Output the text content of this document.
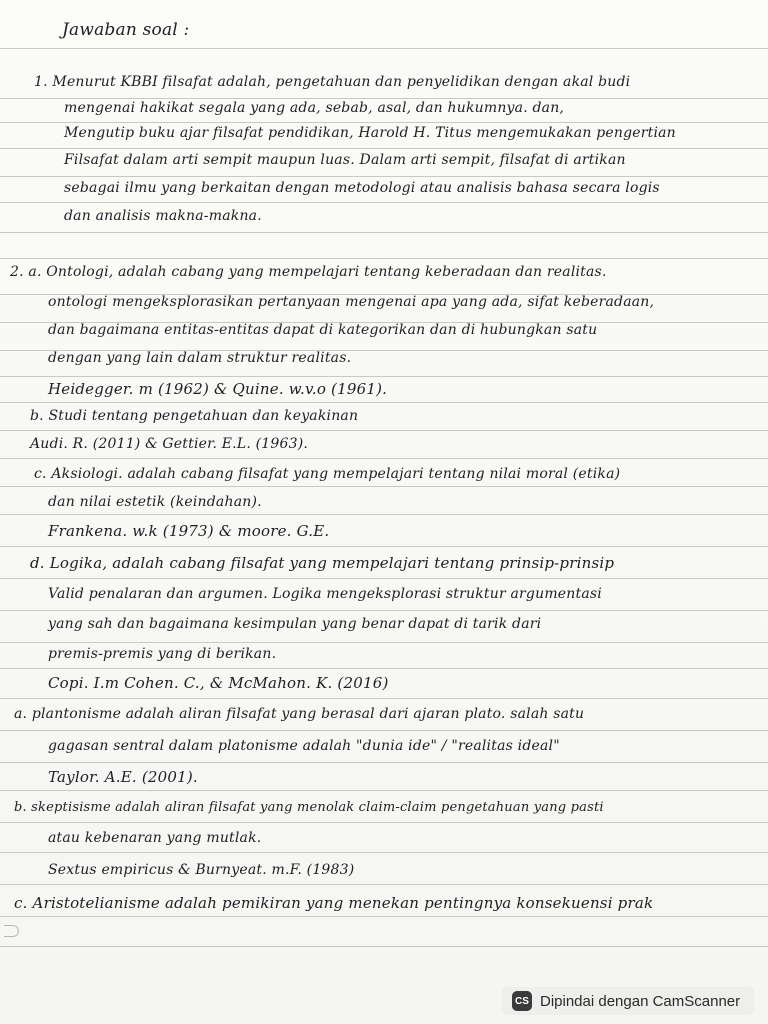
Jawaban soal :
1. Menurut KBBI filsafat adalah, pengetahuan dan penyelidikan dengan akal budi
mengenai hakikat segala yang ada, sebab, asal, dan hukumnya. dan,
Mengutip buku ajar filsafat pendidikan, Harold H. Titus mengemukakan pengertian
Filsafat dalam arti sempit maupun luas. Dalam arti sempit, filsafat di artikan
sebagai ilmu yang berkaitan dengan metodologi atau analisis bahasa secara logis
dan analisis makna-makna.
2. a. Ontologi, adalah cabang yang mempelajari tentang keberadaan dan realitas.
ontologi mengeksplorasikan pertanyaan mengenai apa yang ada, sifat keberadaan,
dan bagaimana entitas-entitas dapat di kategorikan dan di hubungkan satu
dengan yang lain dalam struktur realitas.
Heidegger. m (1962) & Quine. w.v.o (1961).
b. Studi tentang pengetahuan dan keyakinan
Audi. R. (2011) & Gettier. E.L. (1963).
c. Aksiologi. adalah cabang filsafat yang mempelajari tentang nilai moral (etika)
dan nilai estetik (keindahan).
Frankena. w.k (1973) & moore. G.E.
d. Logika, adalah cabang filsafat yang mempelajari tentang prinsip-prinsip
Valid penalaran dan argumen. Logika mengeksplorasi struktur argumentasi
yang sah dan bagaimana kesimpulan yang benar dapat di tarik dari
premis-premis yang di berikan.
Copi. I.m Cohen. C., & McMahon. K. (2016)
a. plantonisme adalah aliran filsafat yang berasal dari ajaran plato. salah satu
gagasan sentral dalam platonisme adalah "dunia ide" / "realitas ideal"
Taylor. A.E. (2001).
b. skeptisisme adalah aliran filsafat yang menolak claim-claim pengetahuan yang pasti
atau kebenaran yang mutlak.
Sextus empiricus & Burnyeat. m.F. (1983)
c. Aristotelianisme adalah pemikiran yang menekan pentingnya konsekuensi prak
CS Dipindai dengan CamScanner
